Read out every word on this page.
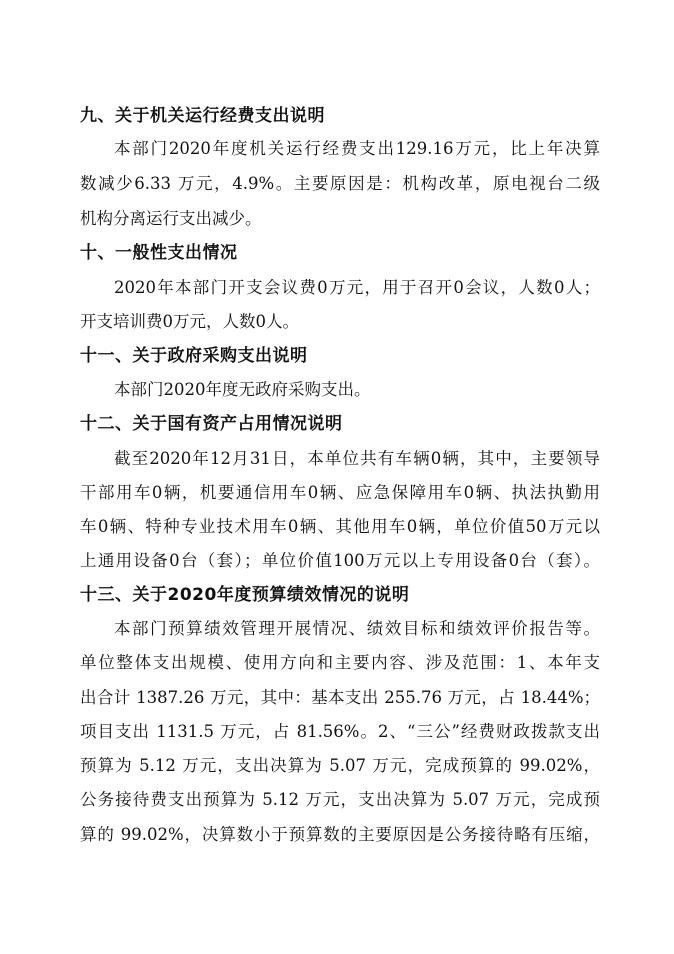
九、关于机关运行经费支出说明
本部门2020年度机关运行经费支出129.16万元，比上年决算
数减少6.33 万元，4.9%。主要原因是：机构改革，原电视台二级
机构分离运行支出减少。
十、一般性支出情况
2020年本部门开支会议费0万元，用于召开0会议，人数0人；
开支培训费0万元，人数0人。
十一、关于政府采购支出说明
本部门2020年度无政府采购支出。
十二、关于国有资产占用情况说明
截至2020年12月31日，本单位共有车辆0辆，其中，主要领导
干部用车0辆，机要通信用车0辆、应急保障用车0辆、执法执勤用
车0辆、特种专业技术用车0辆、其他用车0辆，单位价值50万元以
上通用设备0台（套）；单位价值100万元以上专用设备0台（套）。
十三、关于2020年度预算绩效情况的说明
本部门预算绩效管理开展情况、绩效目标和绩效评价报告等。
单位整体支出规模、使用方向和主要内容、涉及范围：1、本年支
出合计 1387.26 万元，其中：基本支出 255.76 万元，占 18.44%；
项目支出 1131.5 万元，占 81.56%。2、“三公”经费财政拨款支出
预算为 5.12 万元，支出决算为 5.07 万元，完成预算的 99.02%，
公务接待费支出预算为 5.12 万元，支出决算为 5.07 万元，完成预
算的 99.02%，决算数小于预算数的主要原因是公务接待略有压缩，
